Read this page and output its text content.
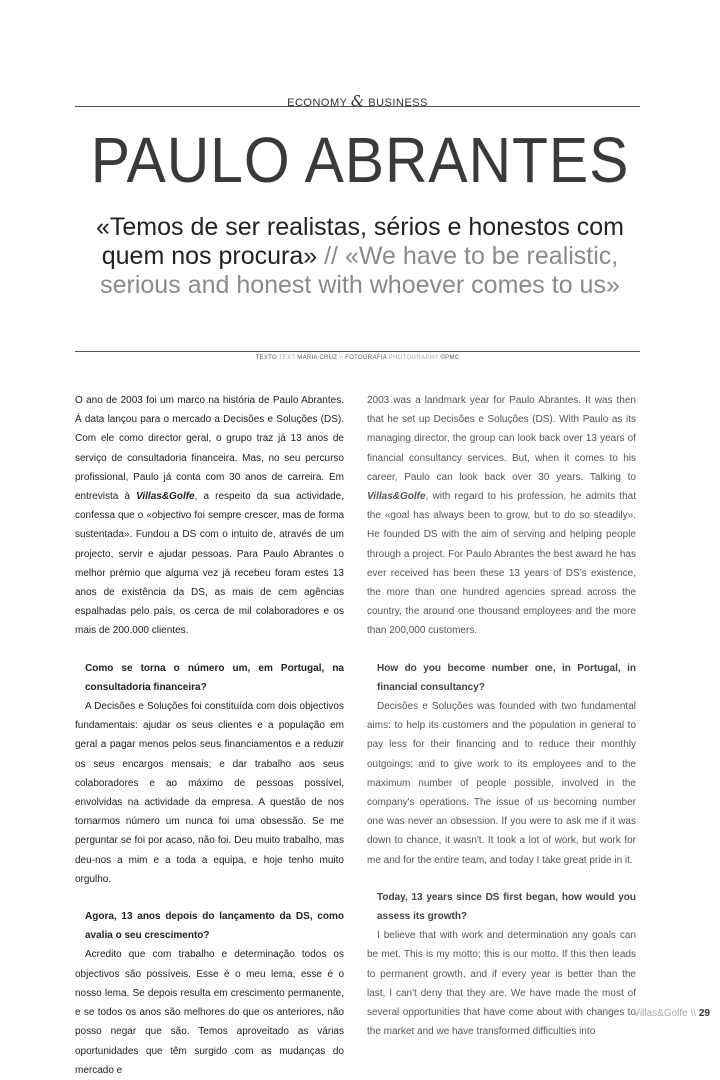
ECONOMY & BUSINESS
PAULO ABRANTES
«Temos de ser realistas, sérios e honestos com quem nos procura» // «We have to be realistic, serious and honest with whoever comes to us»
TEXTO TEXT MARIA CRUZ \\ FOTOGRAFIA PHOTOGRAPHY ©PMC

O ano de 2003 foi um marco na história de Paulo Abrantes. À data lançou para o mercado a Decisões e Soluções (DS). Com ele como director geral, o grupo traz já 13 anos de serviço de consultadoria financeira. Mas, no seu percurso profissional, Paulo já conta com 30 anos de carreira. Em entrevista à Villas&Golfe, a respeito da sua actividade, confessa que o «objectivo foi sempre crescer, mas de forma sustentada». Fundou a DS com o intuito de, através de um projecto, servir e ajudar pessoas. Para Paulo Abrantes o melhor prémio que alguma vez já recebeu foram estes 13 anos de existência da DS, as mais de cem agências espalhadas pelo país, os cerca de mil colaboradores e os mais de 200.000 clientes.

Como se torna o número um, em Portugal, na consultadoria financeira?

A Decisões e Soluções foi constituída com dois objectivos fundamentais: ajudar os seus clientes e a população em geral a pagar menos pelos seus financiamentos e a reduzir os seus encargos mensais; e dar trabalho aos seus colaboradores e ao máximo de pessoas possível, envolvidas na actividade da empresa. A questão de nos tornarmos número um nunca foi uma obsessão. Se me perguntar se foi por acaso, não foi. Deu muito trabalho, mas deu-nos a mim e a toda a equipa, e hoje tenho muito orgulho.

Agora, 13 anos depois do lançamento da DS, como avalia o seu crescimento?

Acredito que com trabalho e determinação todos os objectivos são possíveis. Esse é o meu lema, esse é o nosso lema. Se depois resulta em crescimento permanente, e se todos os anos são melhores do que os anteriores, não posso negar que são. Temos aproveitado as várias oportunidades que têm surgido com as mudanças do mercado e

2003 was a landmark year for Paulo Abrantes. It was then that he set up Decisões e Soluções (DS). With Paulo as its managing director, the group can look back over 13 years of financial consultancy services. But, when it comes to his career, Paulo can look back over 30 years. Talking to Villas&Golfe, with regard to his profession, he admits that the «goal has always been to grow, but to do so steadily». He founded DS with the aim of serving and helping people through a project. For Paulo Abrantes the best award he has ever received has been these 13 years of DS's existence, the more than one hundred agencies spread across the country, the around one thousand employees and the more than 200,000 customers.

How do you become number one, in Portugal, in financial consultancy?

Decisões e Soluções was founded with two fundamental aims: to help its customers and the population in general to pay less for their financing and to reduce their monthly outgoings; and to give work to its employees and to the maximum number of people possible, involved in the company's operations. The issue of us becoming number one was never an obsession. If you were to ask me if it was down to chance, it wasn't. It took a lot of work, but work for me and for the entire team, and today I take great pride in it.

Today, 13 years since DS first began, how would you assess its growth?

I believe that with work and determination any goals can be met. This is my motto; this is our motto. If this then leads to permanent growth, and if every year is better than the last, I can't deny that they are. We have made the most of several opportunities that have come about with changes to the market and we have transformed difficulties into

Villas&Golfe \\ 29
